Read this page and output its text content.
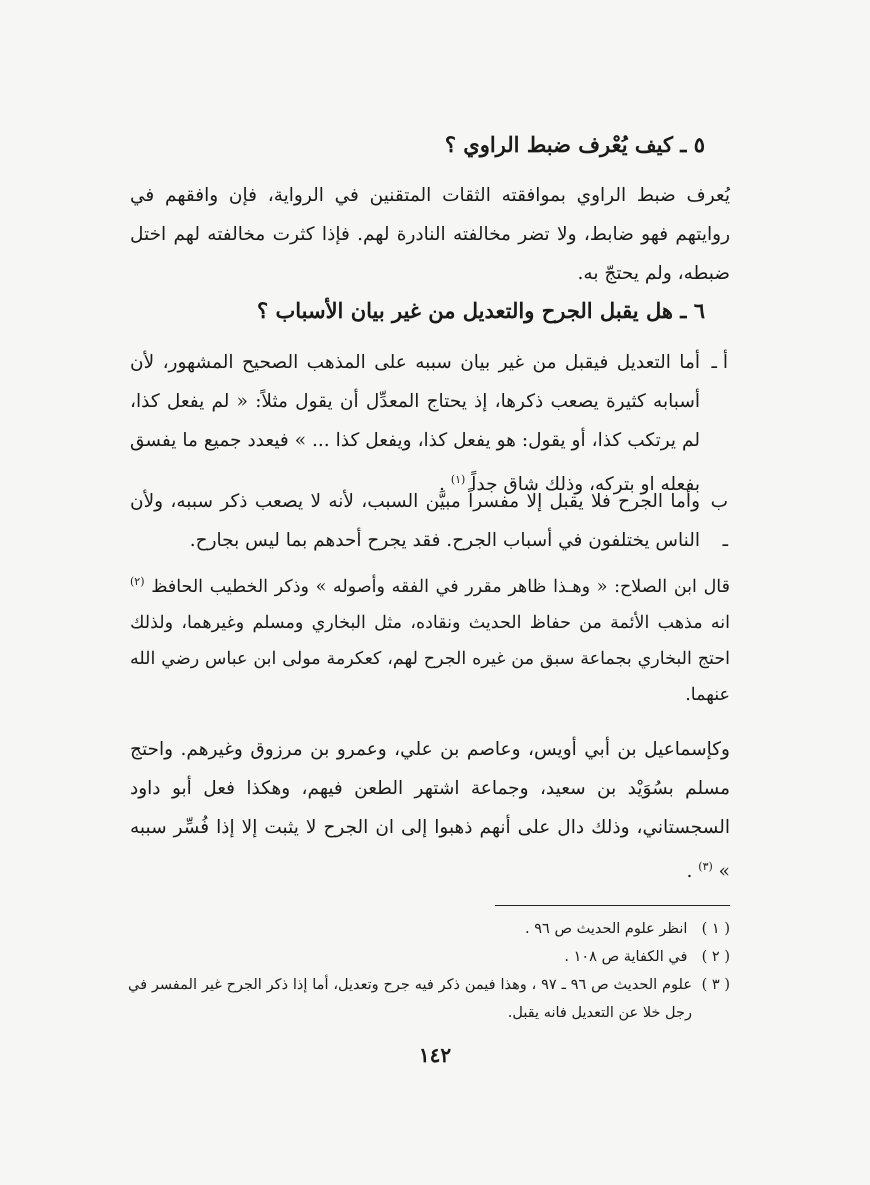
٥ ـ كيف يُعْرف ضبط الراوي ؟
يُعرف ضبط الراوي بموافقته الثقات المتقنين في الرواية، فإن وافقهم في روايتهم فهو ضابط، ولا تضر مخالفته النادرة لهم. فإذا كثرت مخالفته لهم اختل ضبطه، ولم يحتجّ به.
٦ ـ هل يقبل الجرح والتعديل من غير بيان الأسباب ؟
أ ـ
أما التعديل فيقبل من غير بيان سببه على المذهب الصحيح المشهور، لأن أسبابه كثيرة يصعب ذكرها، إذ يحتاج المعدِّل أن يقول مثلاً: « لم يفعل كذا، لم يرتكب كذا، أو يقول: هو يفعل كذا، ويفعل كذا ... » فيعدد جميع ما يفسق بفعله او بتركه، وذلك شاق جداً $^{(١)}$ .
ب ـ
وأما الجرح فلا يقبل إلا مفسراً مبيَّن السبب، لأنه لا يصعب ذكر سببه، ولأن الناس يختلفون في أسباب الجرح. فقد يجرح أحدهم بما ليس بجارح.
قال ابن الصلاح: « وهـذا ظاهر مقرر في الفقه وأصوله » وذكر الخطيب الحافظ $^{(٢)}$ انه مذهب الأئمة من حفاظ الحديث ونقاده، مثل البخاري ومسلم وغيرهما، ولذلك احتج البخاري بجماعة سبق من غيره الجرح لهم، كعكرمة مولى ابن عباس رضي الله عنهما.
وكإسماعيل بن أبي أويس، وعاصم بن علي، وعمرو بن مرزوق وغيرهم. واحتج مسلم بسُوَيْد بن سعيد، وجماعة اشتهر الطعن فيهم، وهكذا فعل أبو داود السجستاني، وذلك دال على أنهم ذهبوا إلى ان الجرح لا يثبت إلا إذا فُسِّر سببه » $^{(٣)}$ .
( ١ ) انظر علوم الحديث ص ٩٦ .
( ٢ ) في الكفاية ص ١٠٨ .
( ٣ )
علوم الحديث ص ٩٦ ـ ٩٧ ، وهذا فيمن ذكر فيه جرح وتعديل، أما إذا ذكر الجرح غير المفسر في رجل خلا عن التعديل فانه يقبل.
١٤٢
